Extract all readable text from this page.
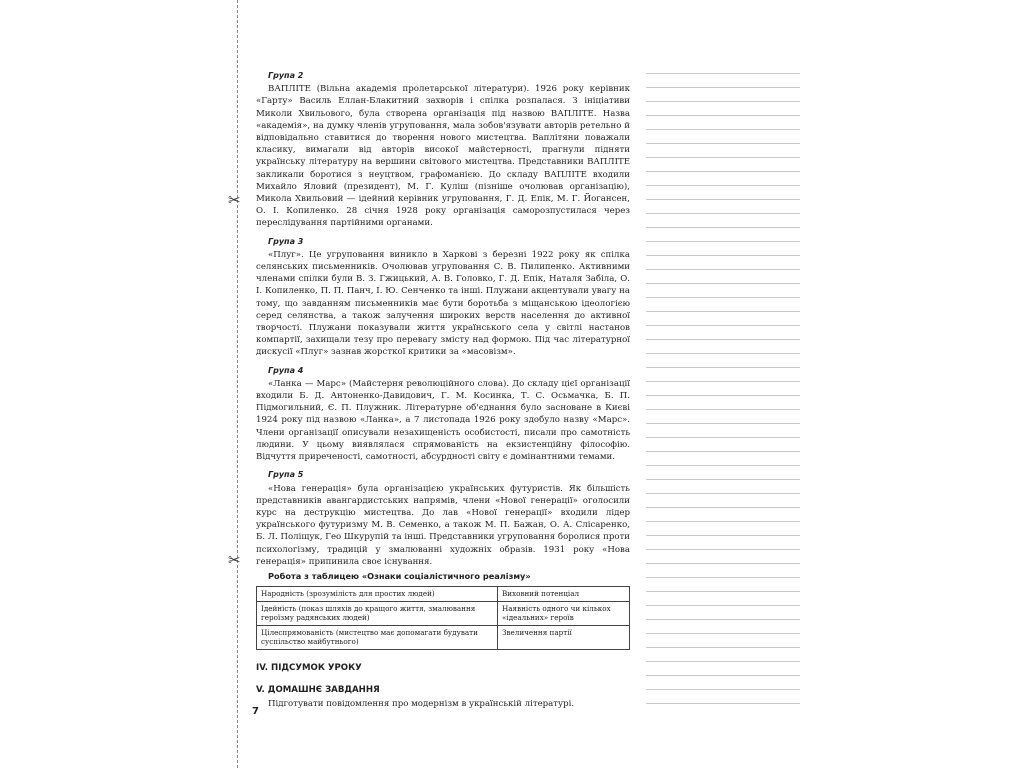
✂
✂
Група 2

ВАПЛІТЕ (Вільна академія пролетарської літератури). 1926 року керівник «Гарту» Василь Еллан-Блакитний захворів і спілка розпалася. З ініціативи Миколи Хвильового, була створена організація під назвою ВАПЛІТЕ. Назва «академія», на думку членів угруповання, мала зобов'язувати авторів ретельно й відповідально ставитися до творення нового мистецтва. Ваплітяни поважали класику, вимагали від авторів високої майстерності, прагнули підняти українську літературу на вершини світового мистецтва. Представники ВАПЛІТЕ закликали боротися з неуцтвом, графоманією. До складу ВАПЛІТЕ входили Михайло Яловий (президент), М. Г. Куліш (пізніше очолював організацію), Микола Хвильовий — ідейний керівник угруповання, Г. Д. Епік, М. Г. Йогансен, О. І. Копиленко. 28 січня 1928 року організація саморозпустилася через переслідування партійними органами.

Група 3

«Плуг». Це угруповання виникло в Харкові з березні 1922 року як спілка селянських письменників. Очолював угруповання С. В. Пилипенко. Активними членами спілки були В. З. Гжицький, А. В. Головко, Г. Д. Епік, Наталя Забіла, О. І. Копиленко, П. П. Панч, І. Ю. Сенченко та інші. Плужани акцентували увагу на тому, що завданням письменників має бути боротьба з міщанською ідеологією серед селянства, а також залучення широких верств населення до активної творчості. Плужани показували життя українського села у світлі настанов компартії, захищали тезу про перевагу змісту над формою. Під час літературної дискусії «Плуг» зазнав жорсткої критики за «масовізм».

Група 4

«Ланка — Марс» (Майстерня революційного слова). До складу цієї організації входили Б. Д. Антоненко-Давидович, Г. М. Косинка, Т. С. Осьмачка, Б. П. Підмогильний, Є. П. Плужник. Літературне об'єднання було засноване в Києві 1924 року під назвою «Ланка», а 7 листопада 1926 року здобуло назву «Марс». Члени організації описували незахищеність особистості, писали про самотність людини. У цьому виявлялася спрямованість на екзистенційну філософію. Відчуття приреченості, самотності, абсурдності світу є домінантними темами.

Група 5

«Нова генерація» була організацією українських футуристів. Як більшість представників авангардистських напрямів, члени «Нової генерації» оголосили курс на деструкцію мистецтва. До лав «Нової генерації» входили лідер українського футуризму М. В. Семенко, а також М. П. Бажан, О. А. Слісаренко, Б. Л. Поліщук, Гео Шкурупій та інші. Представники угруповання боролися проти психологізму, традицій у змалюванні художніх образів. 1931 року «Нова генерація» припинила своє існування.

Робота з таблицею «Ознаки соціалістичного реалізму»
Народність (зрозумілість для простих людей)	Виховний потенціал
Ідейність (показ шляхів до кращого життя, змалювання героїзму радянських людей)	Наявність одного чи кількох «ідеальних» героїв
Цілеспрямованість (мистецтво має допомагати будувати суспільство майбутнього)	Звеличення партії
IV. ПІДСУМОК УРОКУ
V. ДОМАШНЄ ЗАВДАННЯ
Підготувати повідомлення про модернізм в українській літературі.
7
